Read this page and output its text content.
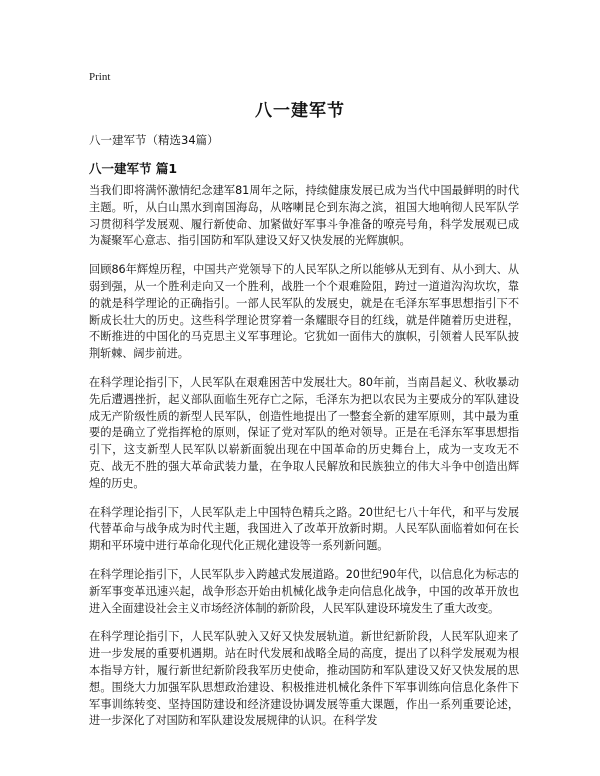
Print
八一建军节
八一建军节（精选34篇）
八一建军节 篇1

当我们即将满怀激情纪念建军81周年之际，持续健康发展已成为当代中国最鲜明的时代主题。听，从白山黑水到南国海岛，从喀喇昆仑到东海之滨，祖国大地响彻人民军队学习贯彻科学发展观、履行新使命、加紧做好军事斗争准备的嘹亮号角，科学发展观已成为凝聚军心意志、指引国防和军队建设又好又快发展的光辉旗帜。

回顾86年辉煌历程，中国共产党领导下的人民军队之所以能够从无到有、从小到大、从弱到强，从一个胜利走向又一个胜利，战胜一个个艰难险阻，跨过一道道沟沟坎坎，靠的就是科学理论的正确指引。一部人民军队的发展史，就是在毛泽东军事思想指引下不断成长壮大的历史。这些科学理论贯穿着一条耀眼夺目的红线，就是伴随着历史进程，不断推进的中国化的马克思主义军事理论。它犹如一面伟大的旗帜，引领着人民军队披荆斩棘、阔步前进。

在科学理论指引下，人民军队在艰难困苦中发展壮大。80年前，当南昌起义、秋收暴动先后遭遇挫折，起义部队面临生死存亡之际，毛泽东为把以农民为主要成分的军队建设成无产阶级性质的新型人民军队，创造性地提出了一整套全新的建军原则，其中最为重要的是确立了党指挥枪的原则，保证了党对军队的绝对领导。正是在毛泽东军事思想指引下，这支新型人民军队以崭新面貌出现在中国革命的历史舞台上，成为一支攻无不克、战无不胜的强大革命武装力量，在争取人民解放和民族独立的伟大斗争中创造出辉煌的历史。

在科学理论指引下，人民军队走上中国特色精兵之路。20世纪七八十年代，和平与发展代替革命与战争成为时代主题，我国进入了改革开放新时期。人民军队面临着如何在长期和平环境中进行革命化现代化正规化建设等一系列新问题。

在科学理论指引下，人民军队步入跨越式发展道路。20世纪90年代，以信息化为标志的新军事变革迅速兴起，战争形态开始由机械化战争走向信息化战争，中国的改革开放也进入全面建设社会主义市场经济体制的新阶段，人民军队建设环境发生了重大改变。

在科学理论指引下，人民军队驶入又好又快发展轨道。新世纪新阶段，人民军队迎来了进一步发展的重要机遇期。站在时代发展和战略全局的高度，提出了以科学发展观为根本指导方针，履行新世纪新阶段我军历史使命，推动国防和军队建设又好又快发展的思想。围绕大力加强军队思想政治建设、积极推进机械化条件下军事训练向信息化条件下军事训练转变、坚持国防建设和经济建设协调发展等重大课题，作出一系列重要论述，进一步深化了对国防和军队建设发展规律的认识。在科学发
